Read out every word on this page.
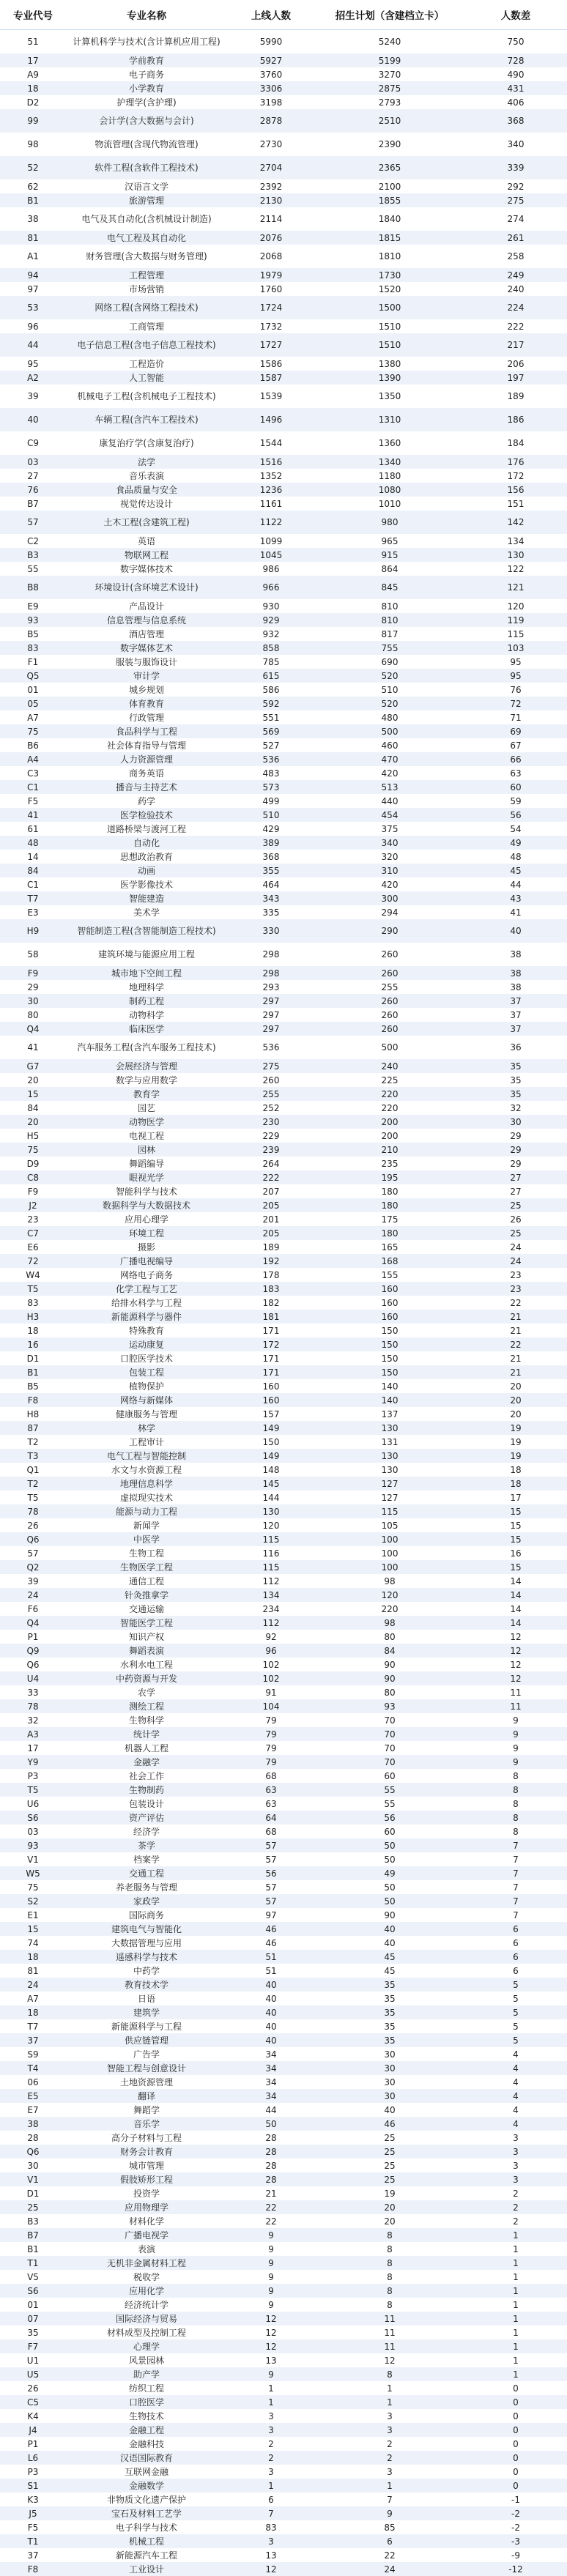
专业代号	专业名称	上线人数	招生计划（含建档立卡）	人数差
51	计算机科学与技术(含计算机应用工程)	5990	5240	750
17	学前教育	5927	5199	728
A9	电子商务	3760	3270	490
18	小学教育	3306	2875	431
D2	护理学(含护理)	3198	2793	406
99	会计学(含大数据与会计)	2878	2510	368
98	物流管理(含现代物流管理)	2730	2390	340
52	软件工程(含软件工程技术)	2704	2365	339
62	汉语言文学	2392	2100	292
B1	旅游管理	2130	1855	275
38	电气及其自动化(含机械设计制造)	2114	1840	274
81	电气工程及其自动化	2076	1815	261
A1	财务管理(含大数据与财务管理)	2068	1810	258
94	工程管理	1979	1730	249
97	市场营销	1760	1520	240
53	网络工程(含网络工程技术)	1724	1500	224
96	工商管理	1732	1510	222
44	电子信息工程(含电子信息工程技术)	1727	1510	217
95	工程造价	1586	1380	206
A2	人工智能	1587	1390	197
39	机械电子工程(含机械电子工程技术)	1539	1350	189
40	车辆工程(含汽车工程技术)	1496	1310	186
C9	康复治疗学(含康复治疗)	1544	1360	184
03	法学	1516	1340	176
27	音乐表演	1352	1180	172
76	食品质量与安全	1236	1080	156
B7	视觉传达设计	1161	1010	151
57	土木工程(含建筑工程)	1122	980	142
C2	英语	1099	965	134
B3	物联网工程	1045	915	130
55	数字媒体技术	986	864	122
B8	环境设计(含环境艺术设计)	966	845	121
E9	产品设计	930	810	120
93	信息管理与信息系统	929	810	119
B5	酒店管理	932	817	115
83	数字媒体艺术	858	755	103
F1	服装与服饰设计	785	690	95
Q5	审计学	615	520	95
01	城乡规划	586	510	76
05	体育教育	592	520	72
A7	行政管理	551	480	71
75	食品科学与工程	569	500	69
B6	社会体育指导与管理	527	460	67
A4	人力资源管理	536	470	66
C3	商务英语	483	420	63
C1	播音与主持艺术	573	513	60
F5	药学	499	440	59
41	医学检验技术	510	454	56
61	道路桥梁与渡河工程	429	375	54
48	自动化	389	340	49
14	思想政治教育	368	320	48
84	动画	355	310	45
C1	医学影像技术	464	420	44
T7	智能建造	343	300	43
E3	美术学	335	294	41
H9	智能制造工程(含智能制造工程技术)	330	290	40
58	建筑环境与能源应用工程	298	260	38
F9	城市地下空间工程	298	260	38
29	地理科学	293	255	38
30	制药工程	297	260	37
80	动物科学	297	260	37
Q4	临床医学	297	260	37
41	汽车服务工程(含汽车服务工程技术)	536	500	36
G7	会展经济与管理	275	240	35
20	数学与应用数学	260	225	35
15	教育学	255	220	35
84	园艺	252	220	32
20	动物医学	230	200	30
H5	电视工程	229	200	29
75	园林	239	210	29
D9	舞蹈编导	264	235	29
C8	眼视光学	222	195	27
F9	智能科学与技术	207	180	27
J2	数据科学与大数据技术	205	180	25
23	应用心理学	201	175	26
C7	环境工程	205	180	25
E6	摄影	189	165	24
72	广播电视编导	192	168	24
W4	网络电子商务	178	155	23
T5	化学工程与工艺	183	160	23
83	给排水科学与工程	182	160	22
H3	新能源科学与器件	181	160	21
18	特殊教育	171	150	21
16	运动康复	172	150	22
D1	口腔医学技术	171	150	21
B1	包装工程	171	150	21
B5	植物保护	160	140	20
F8	网络与新媒体	160	140	20
H8	健康服务与管理	157	137	20
87	林学	149	130	19
T2	工程审计	150	131	19
T3	电气工程与智能控制	149	130	19
Q1	水文与水资源工程	148	130	18
T2	地理信息科学	145	127	18
T5	虚拟现实技术	144	127	17
78	能源与动力工程	130	115	15
26	新闻学	120	105	15
Q6	中医学	115	100	15
57	生物工程	116	100	16
Q2	生物医学工程	115	100	15
39	通信工程	112	98	14
24	针灸推拿学	134	120	14
F6	交通运输	234	220	14
Q4	智能医学工程	112	98	14
P1	知识产权	92	80	12
Q9	舞蹈表演	96	84	12
Q6	水利水电工程	102	90	12
U4	中药资源与开发	102	90	12
33	农学	91	80	11
78	测绘工程	104	93	11
32	生物科学	79	70	9
A3	统计学	79	70	9
17	机器人工程	79	70	9
Y9	金融学	79	70	9
P3	社会工作	68	60	8
T5	生物制药	63	55	8
U6	包装设计	63	55	8
S6	资产评估	64	56	8
03	经济学	68	60	8
93	茶学	57	50	7
V1	档案学	57	50	7
W5	交通工程	56	49	7
75	养老服务与管理	57	50	7
S2	家政学	57	50	7
E1	国际商务	97	90	7
15	建筑电气与智能化	46	40	6
74	大数据管理与应用	46	40	6
18	遥感科学与技术	51	45	6
81	中药学	51	45	6
24	教育技术学	40	35	5
A7	日语	40	35	5
18	建筑学	40	35	5
T7	新能源科学与工程	40	35	5
37	供应链管理	40	35	5
S9	广告学	34	30	4
T4	智能工程与创意设计	34	30	4
06	土地资源管理	34	30	4
E5	翻译	34	30	4
E7	舞蹈学	44	40	4
38	音乐学	50	46	4
28	高分子材料与工程	28	25	3
Q6	财务会计教育	28	25	3
30	城市管理	28	25	3
V1	假肢矫形工程	28	25	3
D1	投资学	21	19	2
25	应用物理学	22	20	2
B3	材料化学	22	20	2
B7	广播电视学	9	8	1
B1	表演	9	8	1
T1	无机非金属材料工程	9	8	1
V5	税收学	9	8	1
S6	应用化学	9	8	1
01	经济统计学	9	8	1
07	国际经济与贸易	12	11	1
35	材料成型及控制工程	12	11	1
F7	心理学	12	11	1
U1	风景园林	13	12	1
U5	助产学	9	8	1
26	纺织工程	1	1	0
C5	口腔医学	1	1	0
K4	生物技术	3	3	0
J4	金融工程	3	3	0
P1	金融科技	2	2	0
L6	汉语国际教育	2	2	0
P3	互联网金融	3	3	0
S1	金融数学	1	1	0
K3	非物质文化遗产保护	6	7	-1
J5	宝石及材料工艺学	7	9	-2
F5	电子科学与技术	83	85	-2
T1	机械工程	3	6	-3
37	新能源汽车工程	13	22	-9
F8	工业设计	12	24	-12
